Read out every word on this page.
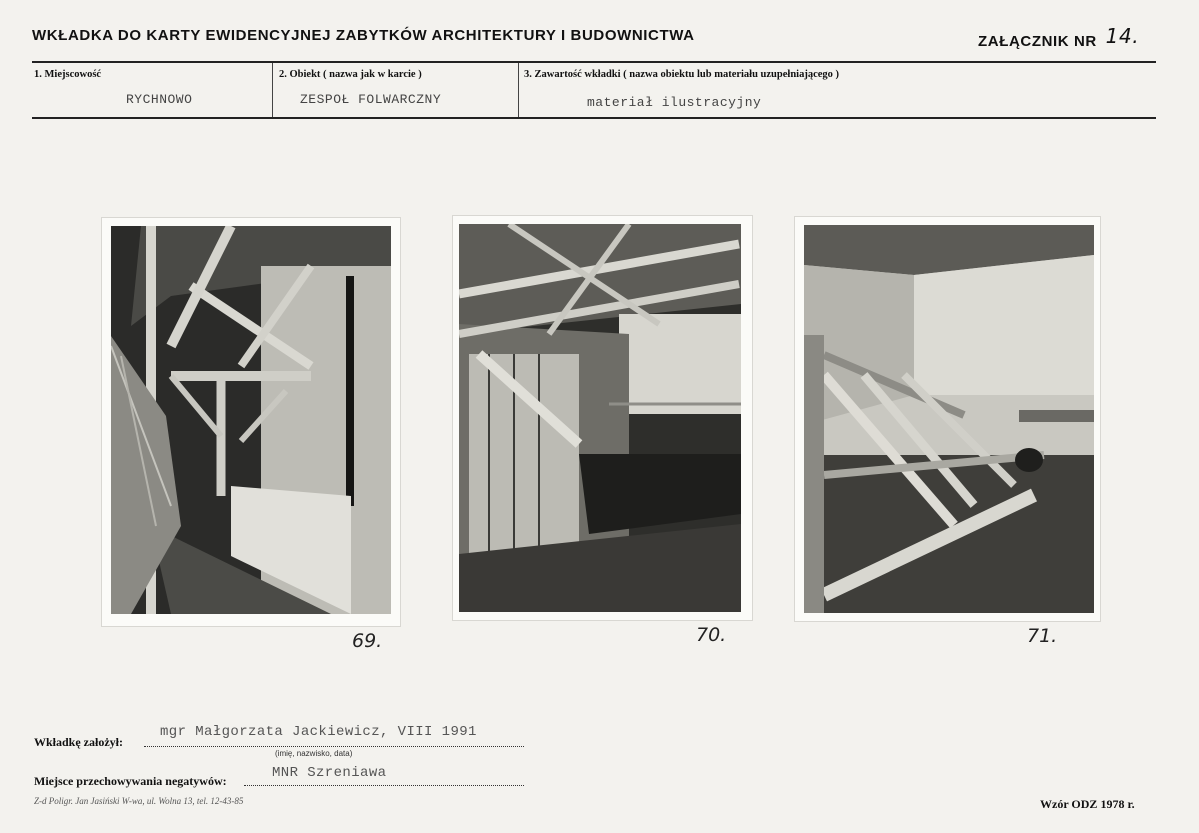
WKŁADKA DO KARTY EWIDENCYJNEJ ZABYTKÓW ARCHITEKTURY I BUDOWNICTWA	ZAŁĄCZNIK NR 14.
1. Miejscowość
RYCHNOWO
2. Obiekt ( nazwa jak w karcie )
ZESPOŁ FOLWARCZNY
3. Zawartość wkładki ( nazwa obiektu lub materiału uzupełniającego )
materiał ilustracyjny
69.	70.	71.
Wkładkę założył:
mgr Małgorzata Jackiewicz, VIII 1991
(imię, nazwisko, data)
Miejsce przechowywania negatywów:	MNR Szreniawa
Z-d Poligr. Jan Jasiński W-wa, ul. Wolna 13, tel. 12-43-85	Wzór ODZ 1978 r.
